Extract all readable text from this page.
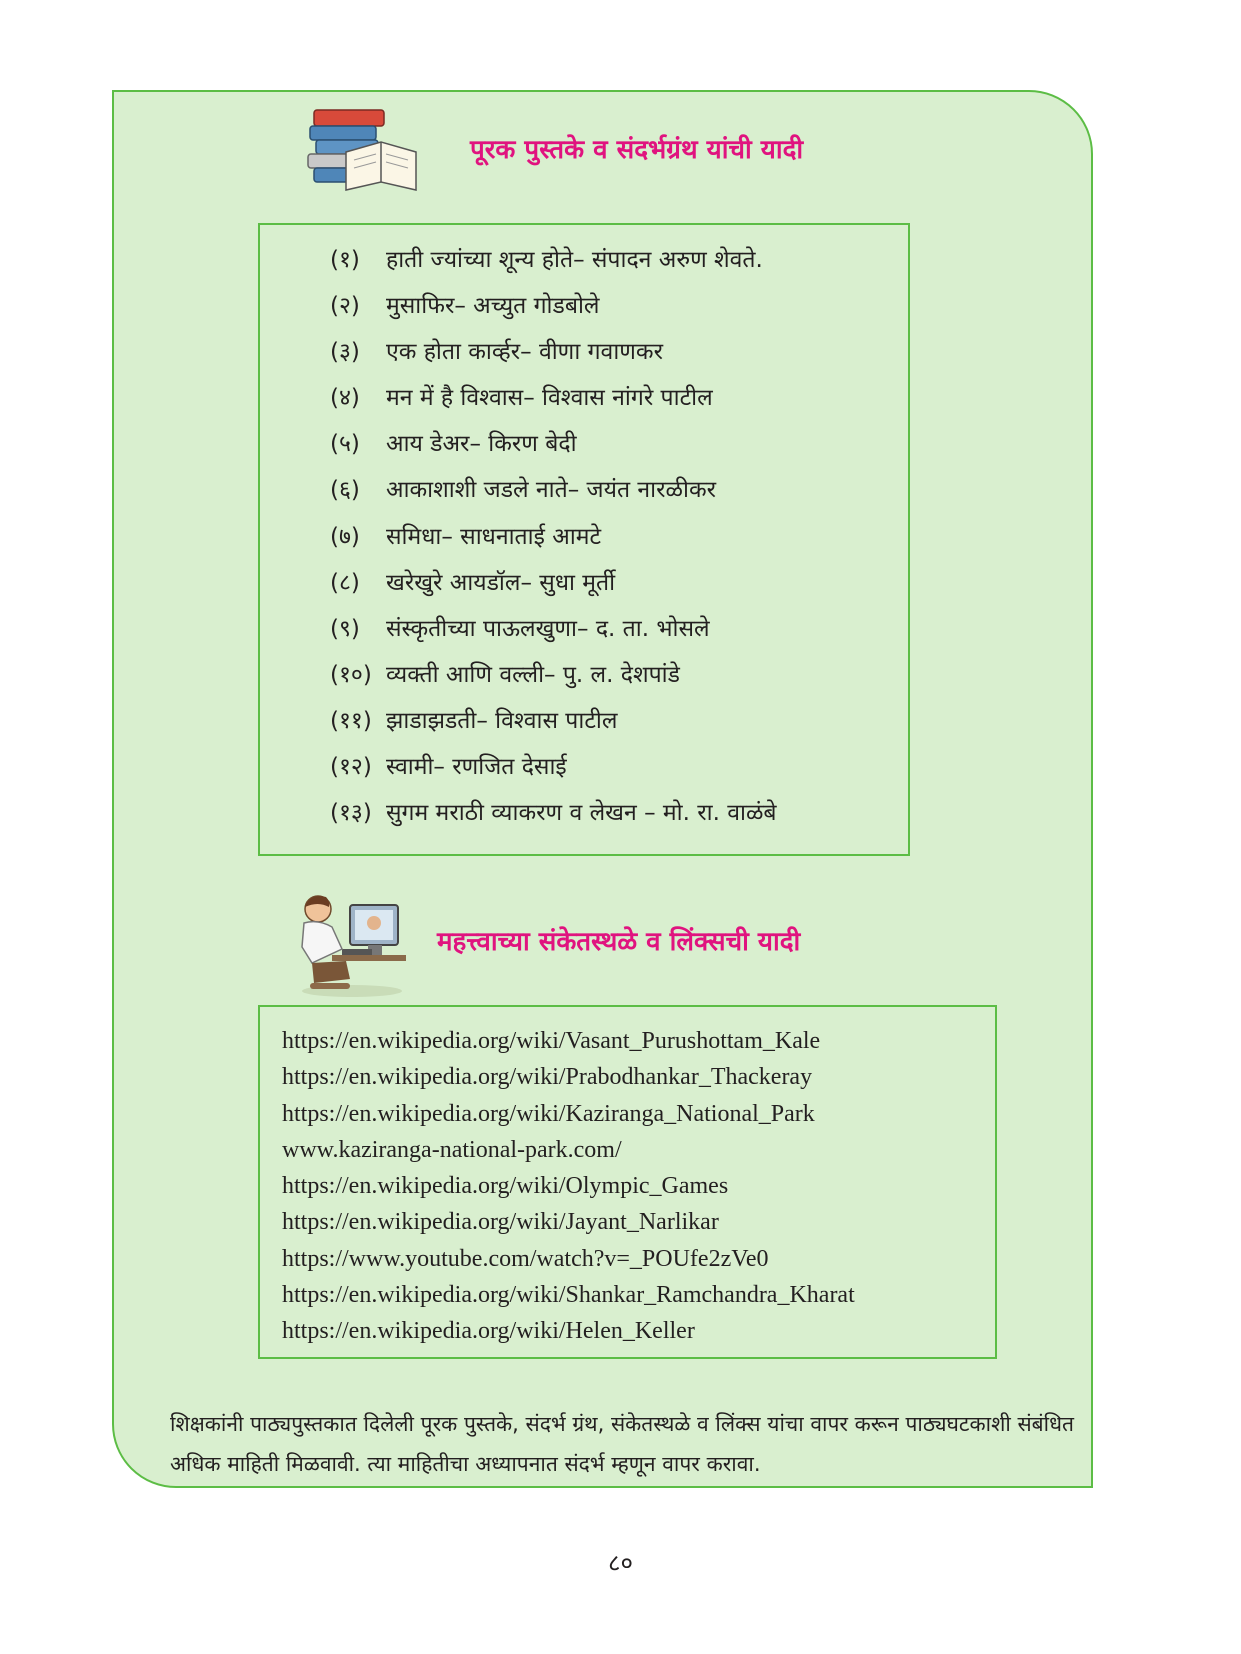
पूरक पुस्तके व संदर्भग्रंथ यांची यादी
(१) हाती ज्यांच्या शून्य होते– संपादन अरुण शेवते.
(२) मुसाफिर– अच्युत गोडबोले
(३) एक होता कार्व्हर– वीणा गवाणकर
(४) मन में है विश्वास– विश्वास नांगरे पाटील
(५) आय डेअर– किरण बेदी
(६) आकाशाशी जडले नाते– जयंत नारळीकर
(७) समिधा– साधनाताई आमटे
(८) खरेखुरे आयडॉल– सुधा मूर्ती
(९) संस्कृतीच्या पाऊलखुणा– द. ता. भोसले
(१०) व्यक्ती आणि वल्ली– पु. ल. देशपांडे
(११) झाडाझडती– विश्वास पाटील
(१२) स्वामी– रणजित देसाई
(१३) सुगम मराठी व्याकरण व लेखन – मो. रा. वाळंबे
महत्त्वाच्या संकेतस्थळे व लिंक्सची यादी
https://en.wikipedia.org/wiki/Vasant_Purushottam_Kale
https://en.wikipedia.org/wiki/Prabodhankar_Thackeray
https://en.wikipedia.org/wiki/Kaziranga_National_Park
www.kaziranga-national-park.com/
https://en.wikipedia.org/wiki/Olympic_Games
https://en.wikipedia.org/wiki/Jayant_Narlikar
https://www.youtube.com/watch?v=_POUfe2zVe0
https://en.wikipedia.org/wiki/Shankar_Ramchandra_Kharat
https://en.wikipedia.org/wiki/Helen_Keller

शिक्षकांनी पाठ्यपुस्तकात दिलेली पूरक पुस्तके, संदर्भ ग्रंथ, संकेतस्थळे व लिंक्स यांचा वापर करून पाठ्यघटकाशी संबंधित अधिक माहिती मिळवावी. त्या माहितीचा अध्यापनात संदर्भ म्हणून वापर करावा.

८०
